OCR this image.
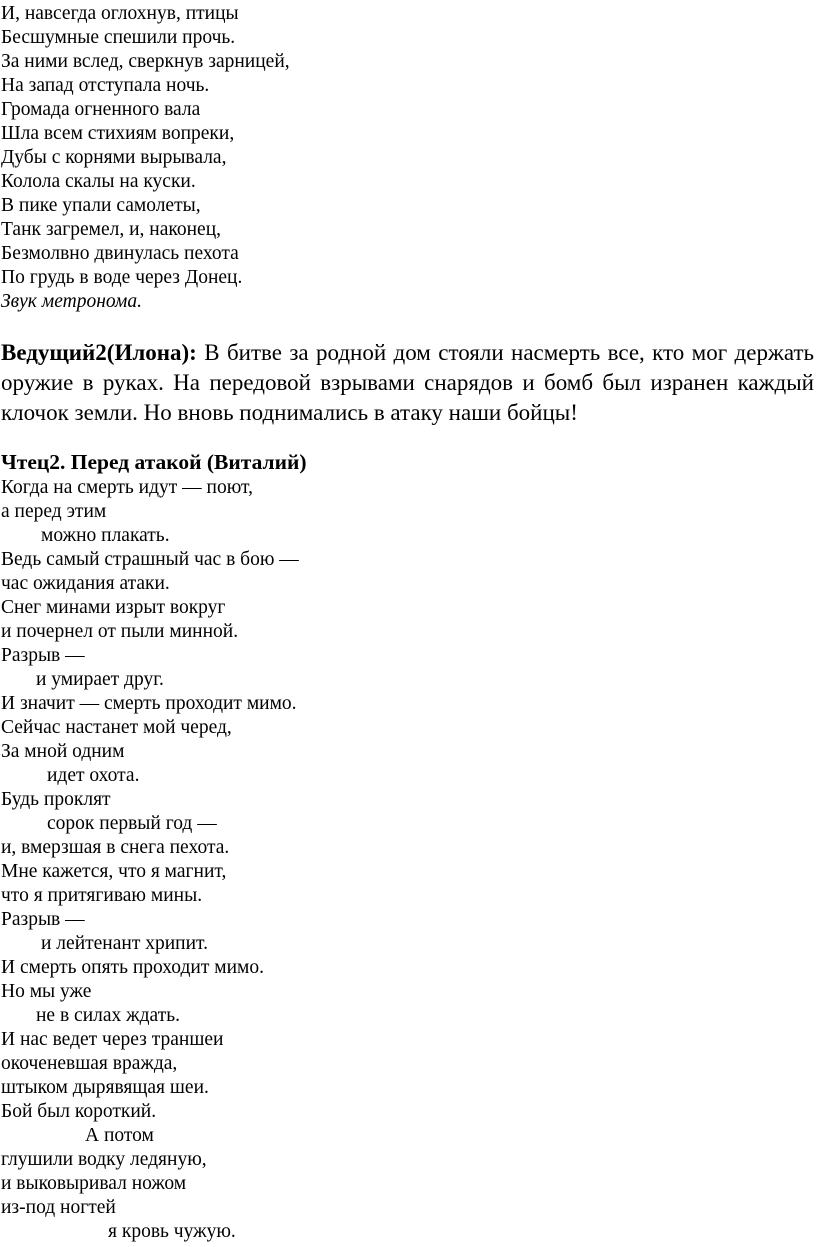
И, навсегда оглохнув, птицы
Бесшумные спешили прочь.
За ними вслед, сверкнув зарницей,
На запад отступала ночь.
Громада огненного вала
Шла всем стихиям вопреки,
Дубы с корнями вырывала,
Колола скалы на куски.
В пике упали самолеты,
Танк загремел, и, наконец,
Безмолвно двинулась пехота
По грудь в воде через Донец.
Звук метронома.

Ведущий2(Илона): В битве за родной дом стояли насмерть все, кто мог держать оружие в руках. На передовой взрывами снарядов и бомб был изранен каждый клочок земли. Но вновь поднимались в атаку наши бойцы!

Чтец2. Перед атакой (Виталий)
Когда на смерть идут — поют,
а перед этим
можно плакать.
Ведь самый страшный час в бою —
час ожидания атаки.
Снег минами изрыт вокруг
и почернел от пыли минной.
Разрыв —
и умирает друг.
И значит — смерть проходит мимо.
Сейчас настанет мой черед,
За мной одним
идет охота.
Будь проклят
сорок первый год —
и, вмерзшая в снега пехота.
Мне кажется, что я магнит,
что я притягиваю мины.
Разрыв —
и лейтенант хрипит.
И смерть опять проходит мимо.
Но мы уже
не в силах ждать.
И нас ведет через траншеи
окоченевшая вражда,
штыком дырявящая шеи.
Бой был короткий.
А потом
глушили водку ледяную,
и выковыривал ножом
из-под ногтей
я кровь чужую.
